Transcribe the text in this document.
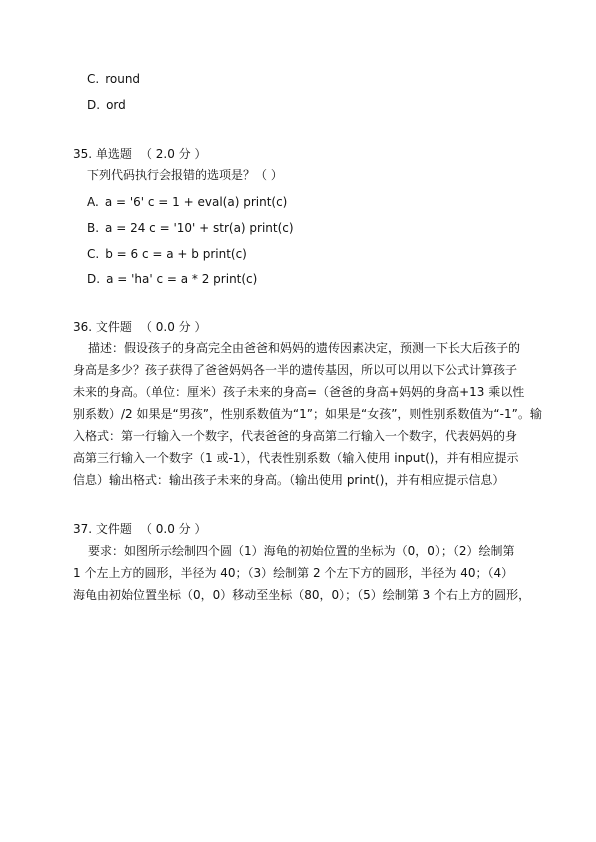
C. round
D. ord
35. 单选题 （ 2.0 分 ）
下列代码执行会报错的选项是？（ ）
A. a = '6' c = 1 + eval(a) print(c)
B. a = 24 c = '10' + str(a) print(c)
C. b = 6 c = a + b print(c)
D. a = 'ha' c = a * 2 print(c)
36. 文件题 （ 0.0 分 ）
描述：假设孩子的身高完全由爸爸和妈妈的遗传因素决定，预测一下长大后孩子的
身高是多少？孩子获得了爸爸妈妈各一半的遗传基因，所以可以用以下公式计算孩子
未来的身高。（单位：厘米）孩子未来的身高=（爸爸的身高+妈妈的身高+13 乘以性
别系数）/2 如果是“男孩”，性别系数值为“1”；如果是“女孩”，则性别系数值为“-1”。输
入格式：第一行输入一个数字，代表爸爸的身高第二行输入一个数字，代表妈妈的身
高第三行输入一个数字（1 或-1），代表性别系数（输入使用 input()，并有相应提示
信息）输出格式：输出孩子未来的身高。（输出使用 print()，并有相应提示信息）
37. 文件题 （ 0.0 分 ）
要求：如图所示绘制四个圆（1）海龟的初始位置的坐标为（0，0）；（2）绘制第
1 个左上方的圆形，半径为 40；（3）绘制第 2 个左下方的圆形，半径为 40；（4）
海龟由初始位置坐标（0，0）移动至坐标（80，0）；（5）绘制第 3 个右上方的圆形，
